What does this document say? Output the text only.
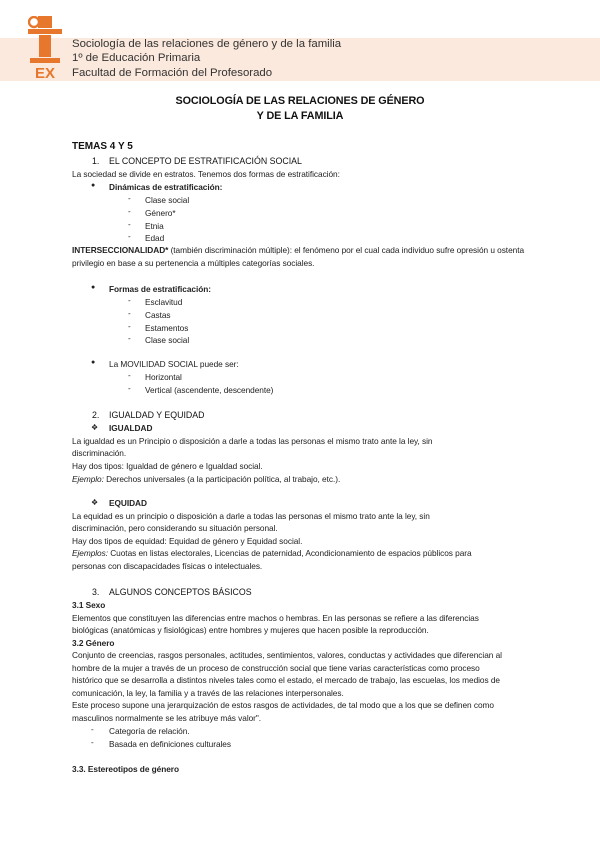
EX
Sociología de las relaciones de género y de la familia
1º de Educación Primaria
Facultad de Formación del Profesorado
SOCIOLOGÍA DE LAS RELACIONES DE GÉNERO
Y DE LA FAMILIA
TEMAS 4 Y 5
1. EL CONCEPTO DE ESTRATIFICACIÓN SOCIAL
La sociedad se divide en estratos. Tenemos dos formas de estratificación:
● Dinámicas de estratificación:
- Clase social
- Género*
- Etnia
- Edad
INTERSECCIONALIDAD* (también discriminación múltiple): el fenómeno por el cual cada individuo sufre opresión u ostenta
privilegio en base a su pertenencia a múltiples categorías sociales.
● Formas de estratificación:
- Esclavitud
- Castas
- Estamentos
- Clase social
● La MOVILIDAD SOCIAL puede ser:
- Horizontal
- Vertical (ascendente, descendente)
2. IGUALDAD Y EQUIDAD
❖ IGUALDAD
La igualdad es un Principio o disposición a darle a todas las personas el mismo trato ante la ley, sin
discriminación.
Hay dos tipos: Igualdad de género e Igualdad social.
Ejemplo: Derechos universales (a la participación política, al trabajo, etc.).
❖ EQUIDAD
La equidad es un principio o disposición a darle a todas las personas el mismo trato ante la ley, sin
discriminación, pero considerando su situación personal.
Hay dos tipos de equidad: Equidad de género y Equidad social.
Ejemplos: Cuotas en listas electorales, Licencias de paternidad, Acondicionamiento de espacios públicos para
personas con discapacidades físicas o intelectuales.
3. ALGUNOS CONCEPTOS BÁSICOS
3.1 Sexo
Elementos que constituyen las diferencias entre machos o hembras. En las personas se refiere a las diferencias
biológicas (anatómicas y fisiológicas) entre hombres y mujeres que hacen posible la reproducción.
3.2 Género
Conjunto de creencias, rasgos personales, actitudes, sentimientos, valores, conductas y actividades que diferencian al
hombre de la mujer a través de un proceso de construcción social que tiene varias características como proceso
histórico que se desarrolla a distintos niveles tales como el estado, el mercado de trabajo, las escuelas, los medios de
comunicación, la ley, la familia y a través de las relaciones interpersonales.
Este proceso supone una jerarquización de estos rasgos de actividades, de tal modo que a los que se definen como
masculinos normalmente se les atribuye más valor".
- Categoría de relación.
- Basada en definiciones culturales
3.3. Estereotipos de género
